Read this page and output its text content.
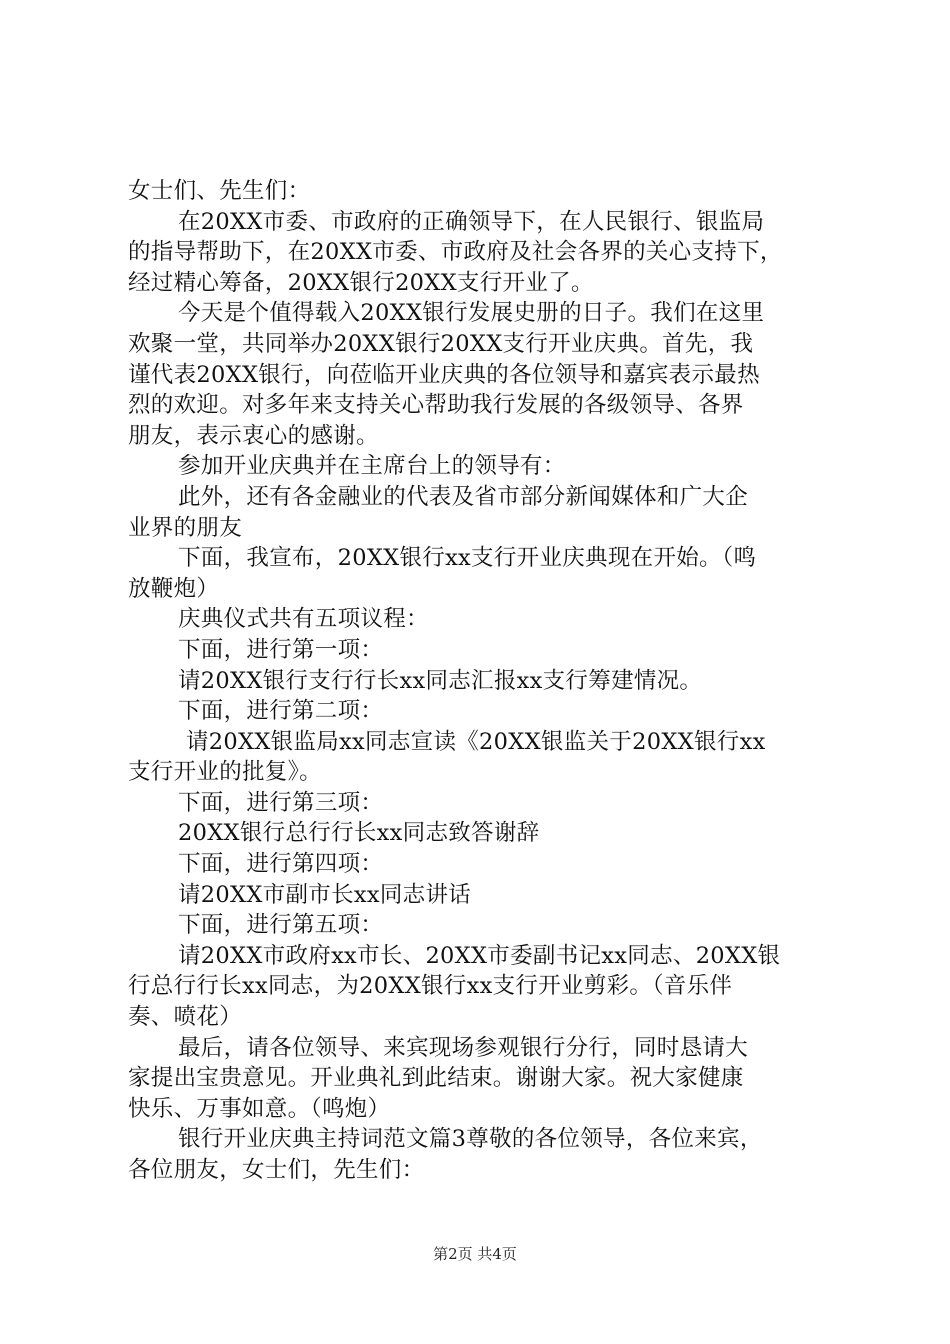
女士们、先生们：
在20XX市委、市政府的正确领导下，在人民银行、银监局
的指导帮助下，在20XX市委、市政府及社会各界的关心支持下，
经过精心筹备，20XX银行20XX支行开业了。
今天是个值得载入20XX银行发展史册的日子。我们在这里
欢聚一堂，共同举办20XX银行20XX支行开业庆典。首先，我
谨代表20XX银行，向莅临开业庆典的各位领导和嘉宾表示最热
烈的欢迎。对多年来支持关心帮助我行发展的各级领导、各界
朋友，表示衷心的感谢。
参加开业庆典并在主席台上的领导有：
此外，还有各金融业的代表及省市部分新闻媒体和广大企
业界的朋友
下面，我宣布，20XX银行xx支行开业庆典现在开始。（鸣
放鞭炮）
庆典仪式共有五项议程：
下面，进行第一项：
请20XX银行支行行长xx同志汇报xx支行筹建情况。
下面，进行第二项：
请20XX银监局xx同志宣读《20XX银监关于20XX银行xx
支行开业的批复》。
下面，进行第三项：
20XX银行总行行长xx同志致答谢辞
下面，进行第四项：
请20XX市副市长xx同志讲话
下面，进行第五项：
请20XX市政府xx市长、20XX市委副书记xx同志、20XX银
行总行行长xx同志，为20XX银行xx支行开业剪彩。（音乐伴
奏、喷花）
最后，请各位领导、来宾现场参观银行分行，同时恳请大
家提出宝贵意见。开业典礼到此结束。谢谢大家。祝大家健康
快乐、万事如意。（鸣炮）
银行开业庆典主持词范文篇3尊敬的各位领导，各位来宾，
各位朋友，女士们，先生们：
第2页 共4页
